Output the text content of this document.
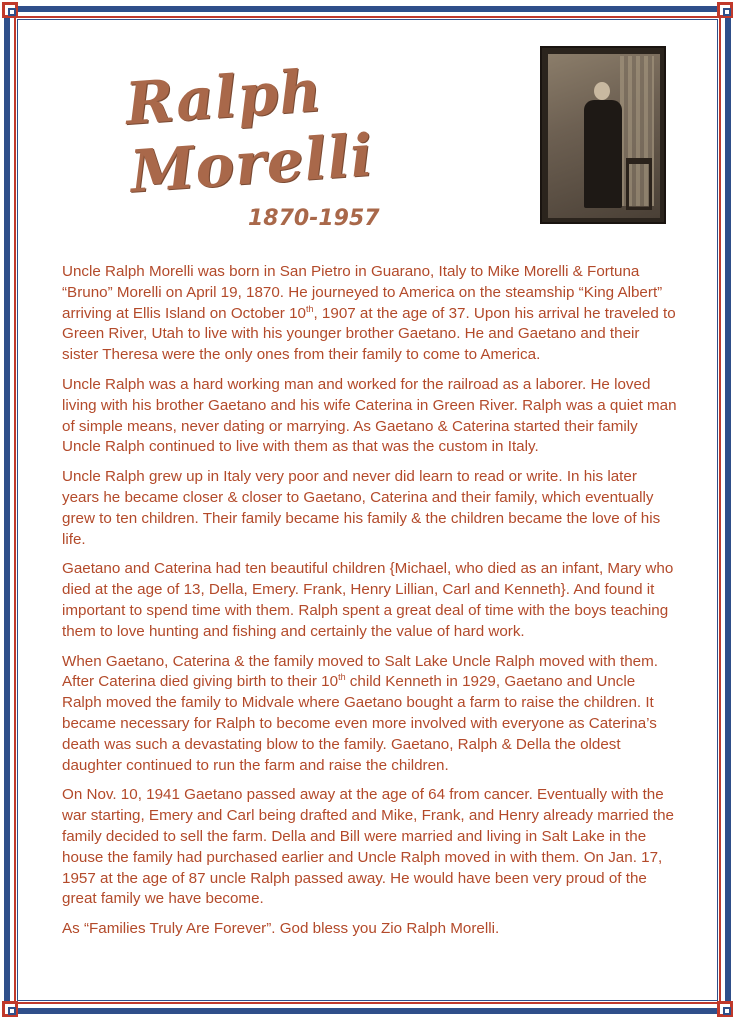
Ralph Morelli
1870-1957

Uncle Ralph Morelli was born in San Pietro in Guarano, Italy to Mike Morelli & Fortuna “Bruno” Morelli on April 19, 1870. He journeyed to America on the steamship “King Albert” arriving at Ellis Island on October 10th, 1907 at the age of 37. Upon his arrival he traveled to Green River, Utah to live with his younger brother Gaetano. He and Gaetano and their sister Theresa were the only ones from their family to come to America.

Uncle Ralph was a hard working man and worked for the railroad as a laborer. He loved living with his brother Gaetano and his wife Caterina in Green River. Ralph was a quiet man of simple means, never dating or marrying. As Gaetano & Caterina started their family Uncle Ralph continued to live with them as that was the custom in Italy.

Uncle Ralph grew up in Italy very poor and never did learn to read or write. In his later years he became closer & closer to Gaetano, Caterina and their family, which eventually grew to ten children. Their family became his family & the children became the love of his life.

Gaetano and Caterina had ten beautiful children {Michael, who died as an infant, Mary who died at the age of 13, Della, Emery. Frank, Henry Lillian, Carl and Kenneth}. And found it important to spend time with them. Ralph spent a great deal of time with the boys teaching them to love hunting and fishing and certainly the value of hard work.

When Gaetano, Caterina & the family moved to Salt Lake Uncle Ralph moved with them. After Caterina died giving birth to their 10th child Kenneth in 1929, Gaetano and Uncle Ralph moved the family to Midvale where Gaetano bought a farm to raise the children. It became necessary for Ralph to become even more involved with everyone as Caterina’s death was such a devastating blow to the family. Gaetano, Ralph & Della the oldest daughter continued to run the farm and raise the children.

On Nov. 10, 1941 Gaetano passed away at the age of 64 from cancer. Eventually with the war starting, Emery and Carl being drafted and Mike, Frank, and Henry already married the family decided to sell the farm. Della and Bill were married and living in Salt Lake in the house the family had purchased earlier and Uncle Ralph moved in with them. On Jan. 17, 1957 at the age of 87 uncle Ralph passed away. He would have been very proud of the great family we have become.

As “Families Truly Are Forever”. God bless you Zio Ralph Morelli.
